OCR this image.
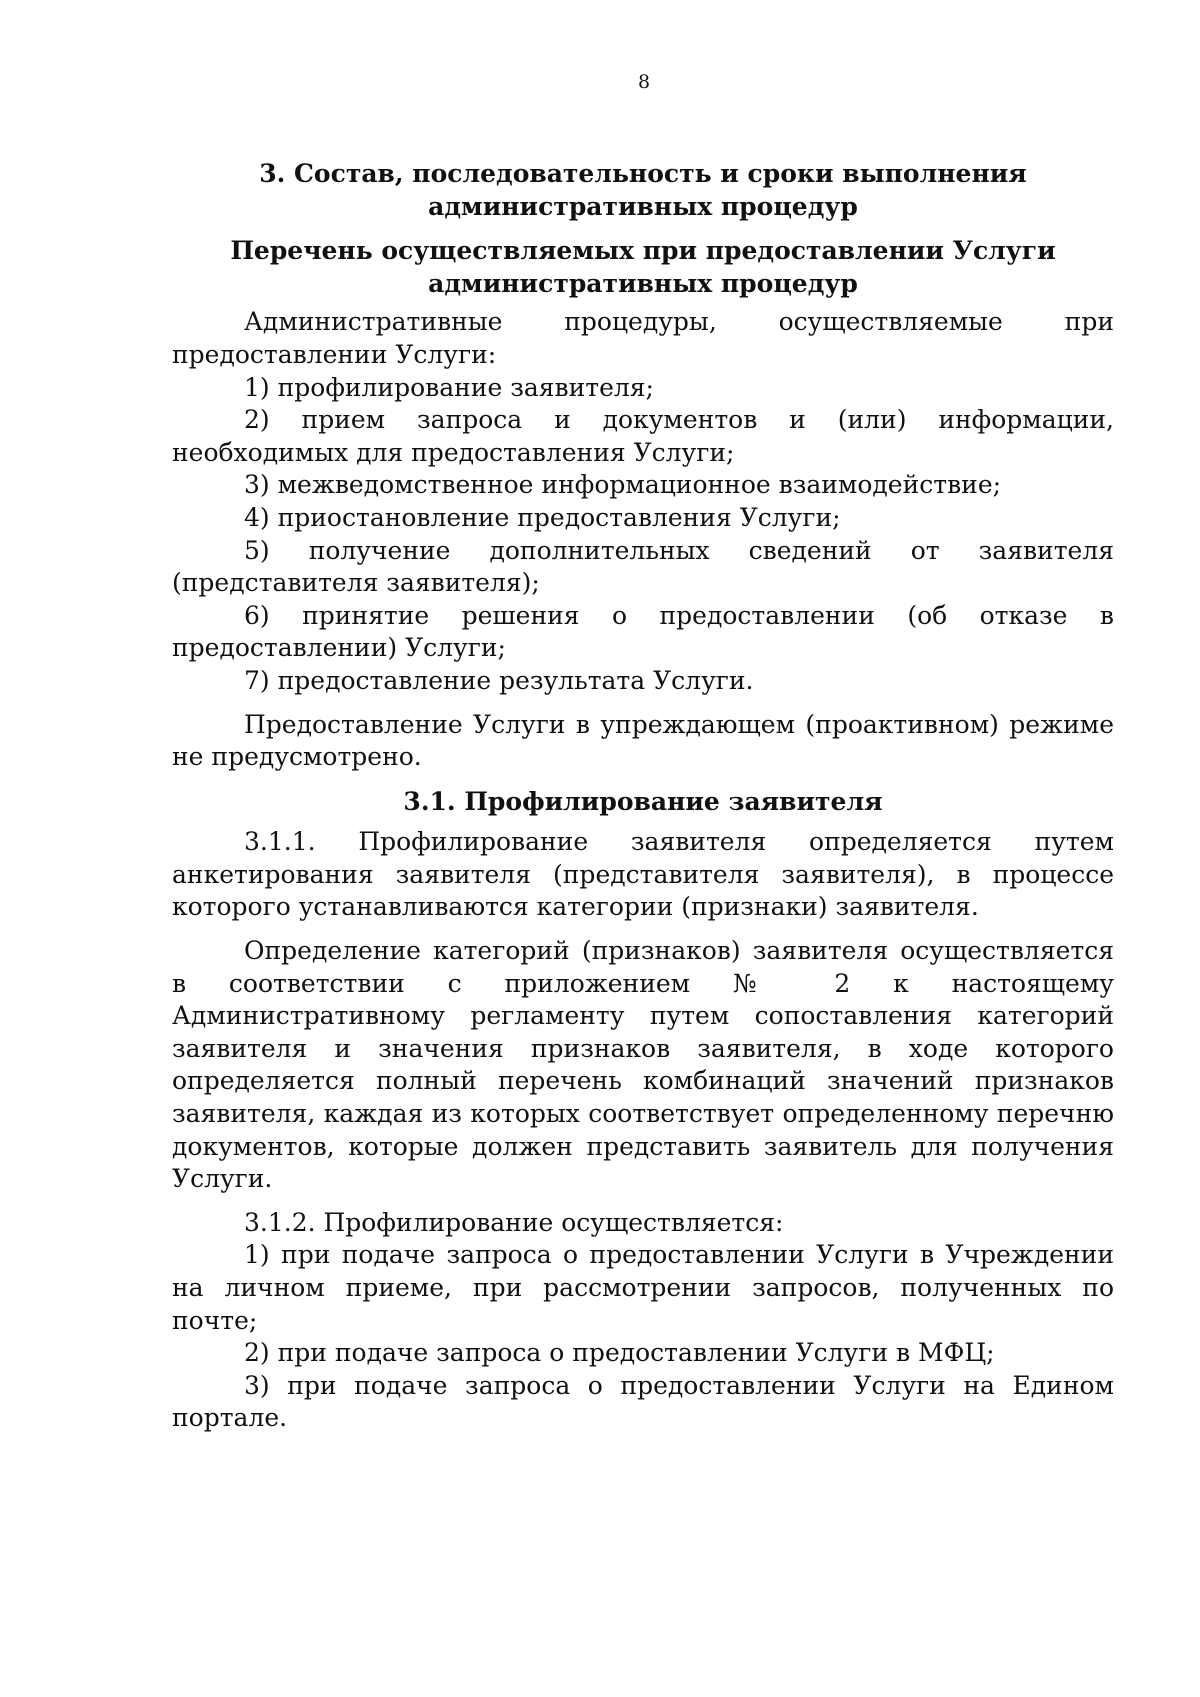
8
3. Состав, последовательность и сроки выполнения административных процедур
Перечень осуществляемых при предоставлении Услуги административных процедур

Административные процедуры, осуществляемые при предоставлении Услуги:

1) профилирование заявителя;

2) прием запроса и документов и (или) информации, необходимых для предоставления Услуги;

3) межведомственное информационное взаимодействие;

4) приостановление предоставления Услуги;

5) получение дополнительных сведений от заявителя (представителя заявителя);

6) принятие решения о предоставлении (об отказе в предоставлении) Услуги;

7) предоставление результата Услуги.

Предоставление Услуги в упреждающем (проактивном) режиме не предусмотрено.

3.1. Профилирование заявителя

3.1.1. Профилирование заявителя определяется путем анкетирования заявителя (представителя заявителя), в процессе которого устанавливаются категории (признаки) заявителя.

Определение категорий (признаков) заявителя осуществляется в соответствии с приложением № 2 к настоящему Административному регламенту путем сопоставления категорий заявителя и значения признаков заявителя, в ходе которого определяется полный перечень комбинаций значений признаков заявителя, каждая из которых соответствует определенному перечню документов, которые должен представить заявитель для получения Услуги.

3.1.2. Профилирование осуществляется:

1) при подаче запроса о предоставлении Услуги в Учреждении на личном приеме, при рассмотрении запросов, полученных по почте;

2) при подаче запроса о предоставлении Услуги в МФЦ;

3) при подаче запроса о предоставлении Услуги на Едином портале.
